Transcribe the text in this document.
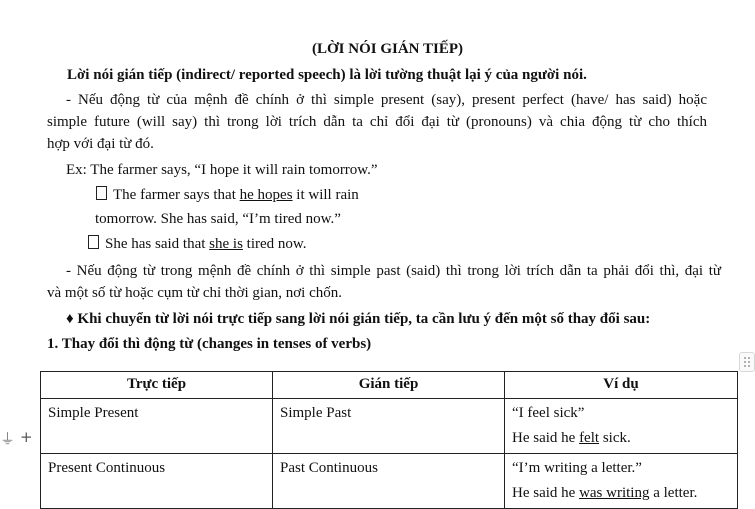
(LỜI NÓI GIÁN TIẾP)
Lời nói gián tiếp (indirect/ reported speech) là lời tường thuật lại ý của người nói.
- Nếu động từ của mệnh đề chính ở thì simple present (say), present perfect (have/ has said) hoặc
simple future (will say) thì trong lời trích dẫn ta chỉ đổi đại từ (pronouns) và chia động từ cho thích
hợp với đại từ đó.
Ex: The farmer says, “I hope it will rain tomorrow.”
The farmer says that he hopes it will rain
tomorrow. She has said, “I’m tired now.”
She has said that she is tired now.
- Nếu động từ trong mệnh đề chính ở thì simple past (said) thì trong lời trích dẫn ta phải đổi thì, đại từ
và một số từ hoặc cụm từ chỉ thời gian, nơi chốn.
♦ Khi chuyển từ lời nói trực tiếp sang lời nói gián tiếp, ta cần lưu ý đến một số thay đổi sau:
1. Thay đổi thì động từ (changes in tenses of verbs)
Trực tiếp	Gián tiếp	Ví dụ
Simple Present	Simple Past	“I feel sick”
He said he felt sick.

Present Continuous	Past Continuous	“I’m writing a letter.”
He said he was writing a letter.
⏚ +
